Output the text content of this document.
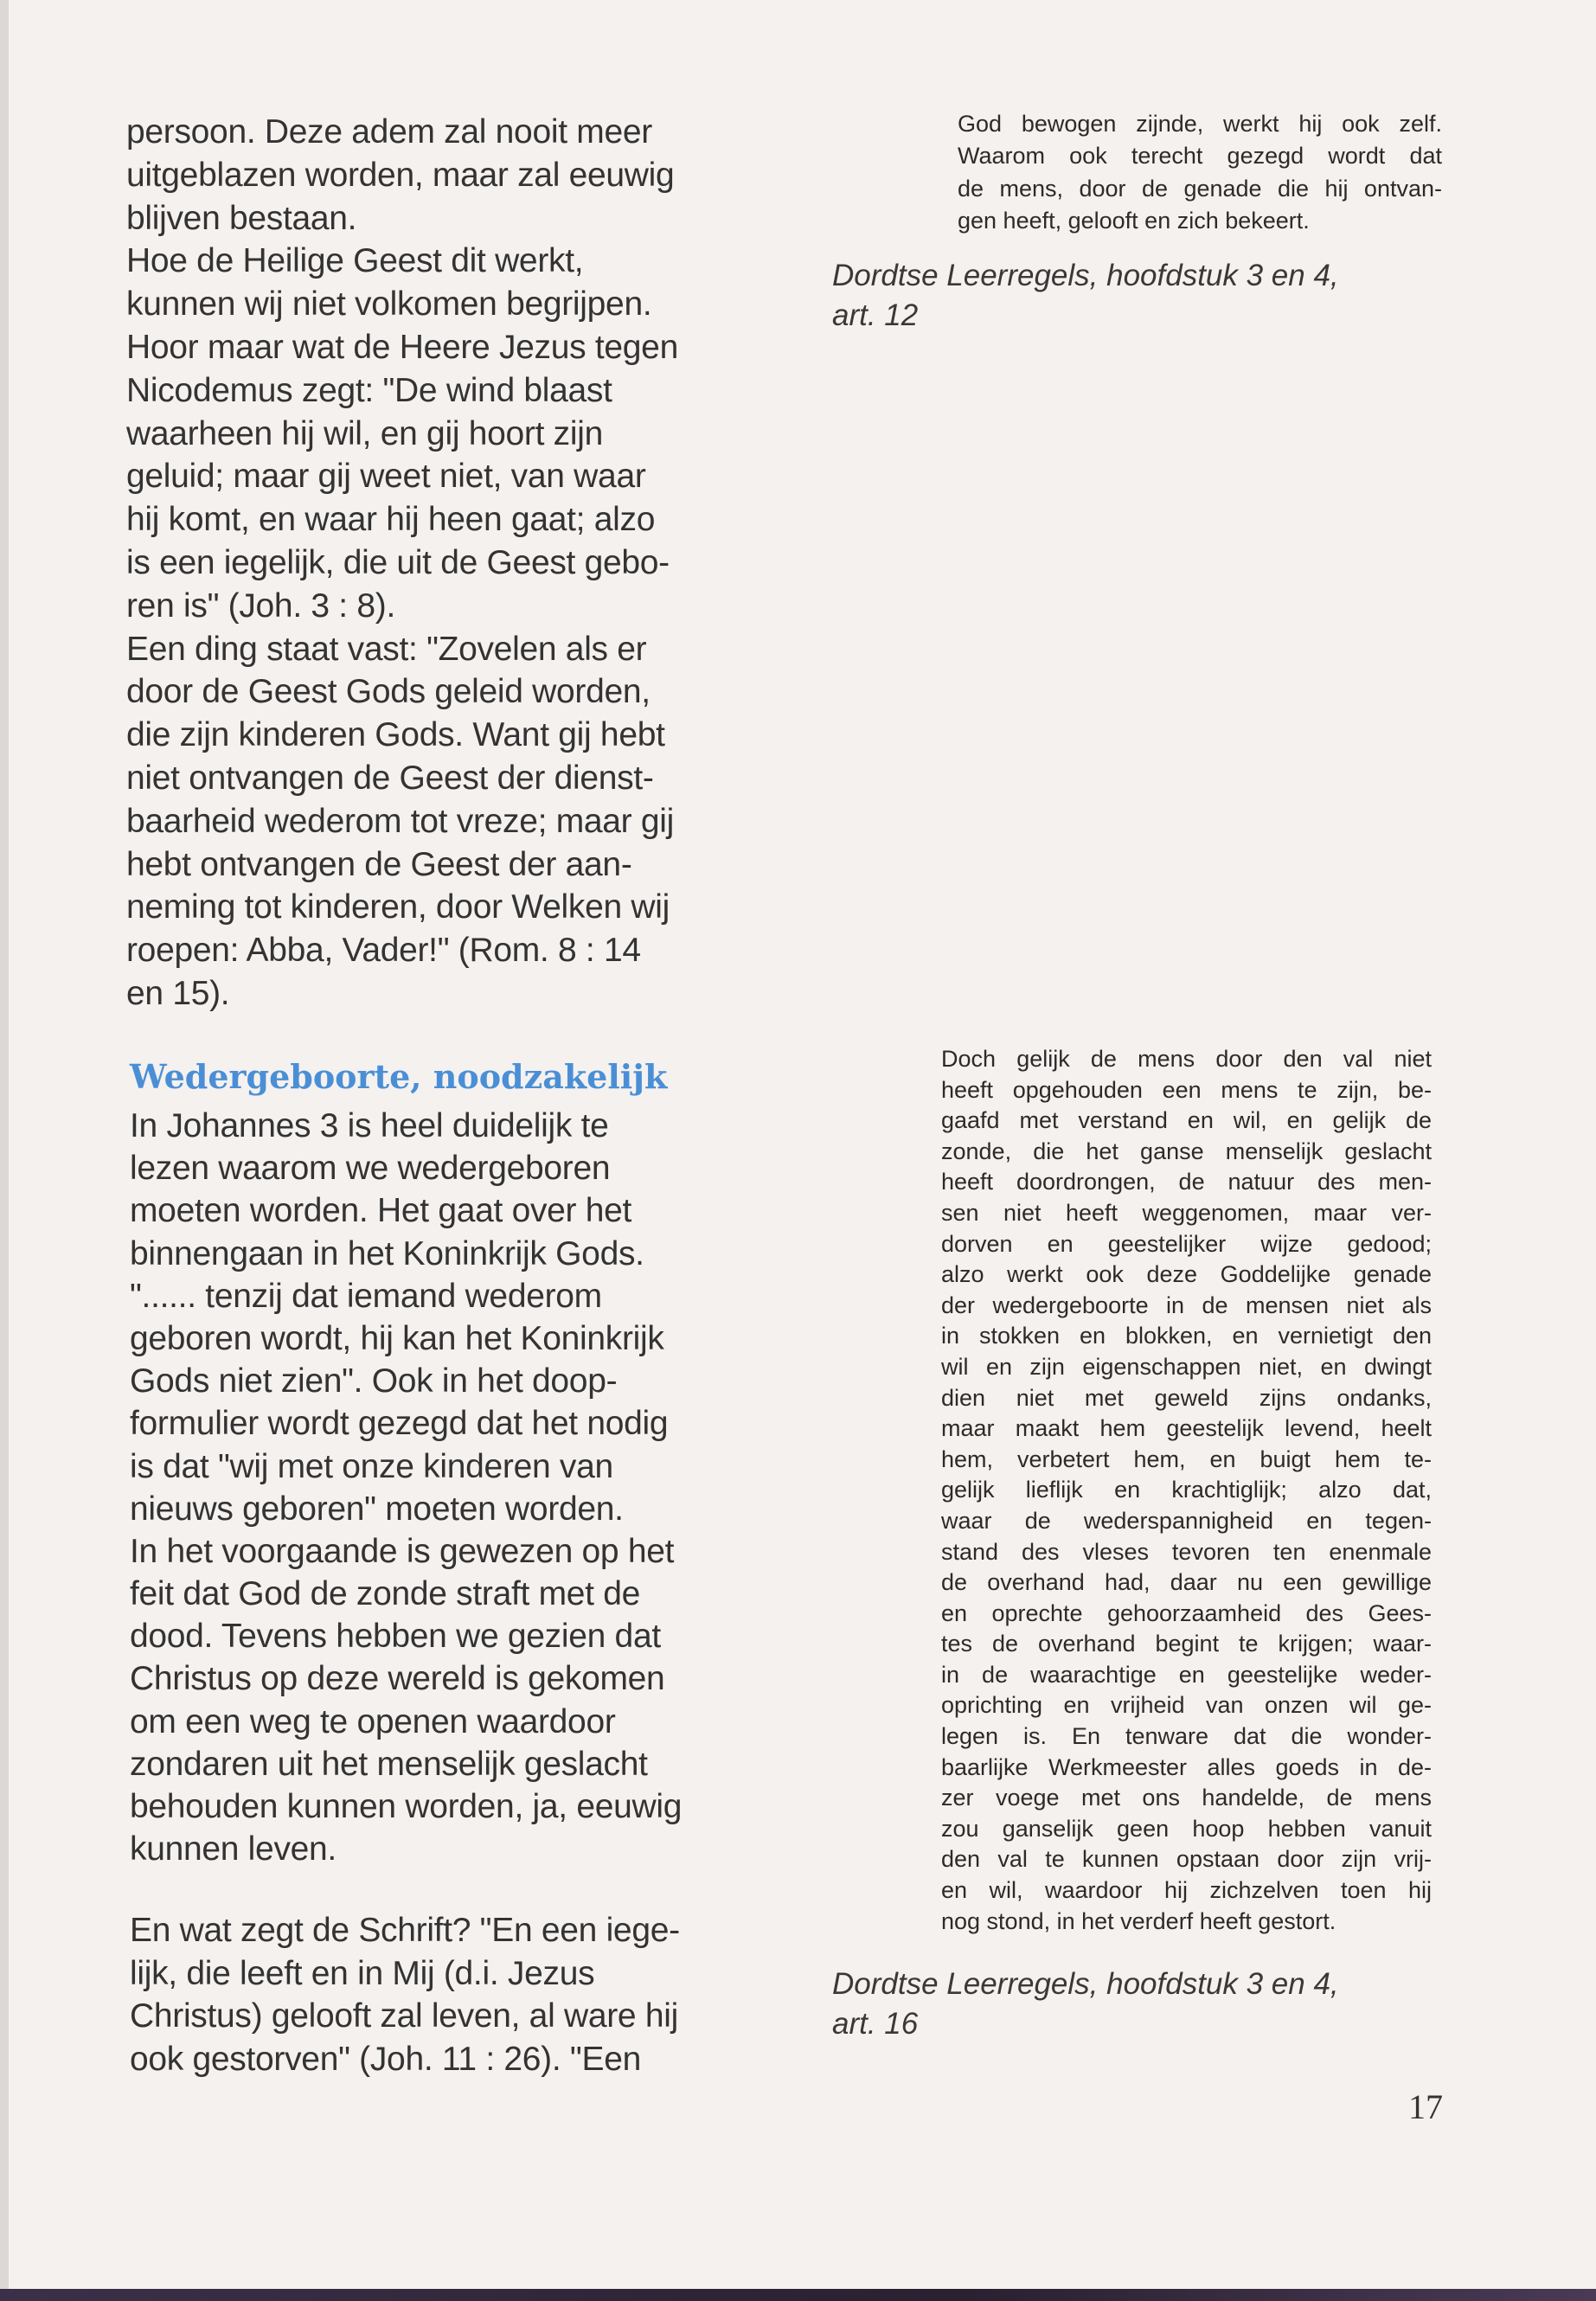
persoon. Deze adem zal nooit meer
uitgeblazen worden, maar zal eeuwig
blijven bestaan.
Hoe de Heilige Geest dit werkt,
kunnen wij niet volkomen begrijpen.
Hoor maar wat de Heere Jezus tegen
Nicodemus zegt: "De wind blaast
waarheen hij wil, en gij hoort zijn
geluid; maar gij weet niet, van waar
hij komt, en waar hij heen gaat; alzo
is een iegelijk, die uit de Geest gebo-
ren is" (Joh. 3 : 8).
Een ding staat vast: "Zovelen als er
door de Geest Gods geleid worden,
die zijn kinderen Gods. Want gij hebt
niet ontvangen de Geest der dienst-
baarheid wederom tot vreze; maar gij
hebt ontvangen de Geest der aan-
neming tot kinderen, door Welken wij
roepen: Abba, Vader!" (Rom. 8 : 14
en 15).
Wedergeboorte, noodzakelijk
In Johannes 3 is heel duidelijk te
lezen waarom we wedergeboren
moeten worden. Het gaat over het
binnengaan in het Koninkrijk Gods.
"...... tenzij dat iemand wederom
geboren wordt, hij kan het Koninkrijk
Gods niet zien". Ook in het doop-
formulier wordt gezegd dat het nodig
is dat "wij met onze kinderen van
nieuws geboren" moeten worden.
In het voorgaande is gewezen op het
feit dat God de zonde straft met de
dood. Tevens hebben we gezien dat
Christus op deze wereld is gekomen
om een weg te openen waardoor
zondaren uit het menselijk geslacht
behouden kunnen worden, ja, eeuwig
kunnen leven.
En wat zegt de Schrift? "En een iege-
lijk, die leeft en in Mij (d.i. Jezus
Christus) gelooft zal leven, al ware hij
ook gestorven" (Joh. 11 : 26). "Een
God bewogen zijnde, werkt hij ook zelf.
Waarom ook terecht gezegd wordt dat
de mens, door de genade die hij ontvan-
gen heeft, gelooft en zich bekeert.
Dordtse Leerregels, hoofdstuk 3 en 4,
art. 12
Doch gelijk de mens door den val niet
heeft opgehouden een mens te zijn, be-
gaafd met verstand en wil, en gelijk de
zonde, die het ganse menselijk geslacht
heeft doordrongen, de natuur des men-
sen niet heeft weggenomen, maar ver-
dorven en geestelijker wijze gedood;
alzo werkt ook deze Goddelijke genade
der wedergeboorte in de mensen niet als
in stokken en blokken, en vernietigt den
wil en zijn eigenschappen niet, en dwingt
dien niet met geweld zijns ondanks,
maar maakt hem geestelijk levend, heelt
hem, verbetert hem, en buigt hem te-
gelijk lieflijk en krachtiglijk; alzo dat,
waar de wederspannigheid en tegen-
stand des vleses tevoren ten enenmale
de overhand had, daar nu een gewillige
en oprechte gehoorzaamheid des Gees-
tes de overhand begint te krijgen; waar-
in de waarachtige en geestelijke weder-
oprichting en vrijheid van onzen wil ge-
legen is. En tenware dat die wonder-
baarlijke Werkmeester alles goeds in de-
zer voege met ons handelde, de mens
zou ganselijk geen hoop hebben vanuit
den val te kunnen opstaan door zijn vrij-
en wil, waardoor hij zichzelven toen hij
nog stond, in het verderf heeft gestort.
Dordtse Leerregels, hoofdstuk 3 en 4,
art. 16
17
